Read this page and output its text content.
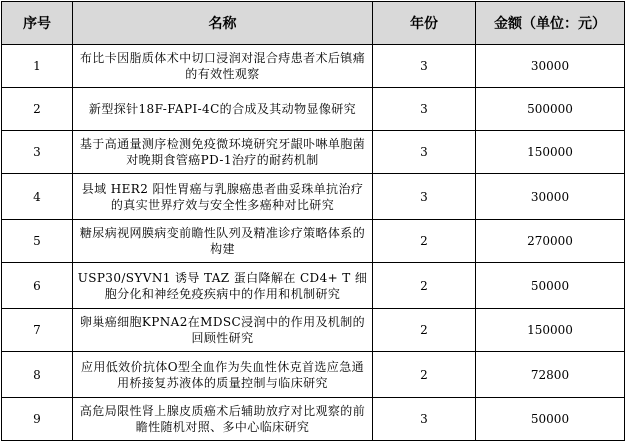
序号	名称	年份	金额（单位：元）
1	布比卡因脂质体术中切口浸润对混合痔患者术后镇痛的有效性观察	3	30000
2	新型探针18F-FAPI-4C的合成及其动物显像研究	3	500000
3	基于高通量测序检测免疫微环境研究牙龈卟啉单胞菌对晚期食管癌PD-1治疗的耐药机制	3	150000
4	县域 HER2 阳性胃癌与乳腺癌患者曲妥珠单抗治疗的真实世界疗效与安全性多癌种对比研究	3	30000
5	糖尿病视网膜病变前瞻性队列及精准诊疗策略体系的构建	2	270000
6	USP30/SYVN1 诱导 TAZ 蛋白降解在 CD4+ T 细胞分化和神经免疫疾病中的作用和机制研究	2	50000
7	卵巢癌细胞KPNA2在MDSC浸润中的作用及机制的回顾性研究	2	150000
8	应用低效价抗体O型全血作为失血性休克首选应急通用桥接复苏液体的质量控制与临床研究	2	72800
9	高危局限性肾上腺皮质癌术后辅助放疗对比观察的前瞻性随机对照、多中心临床研究	3	50000
